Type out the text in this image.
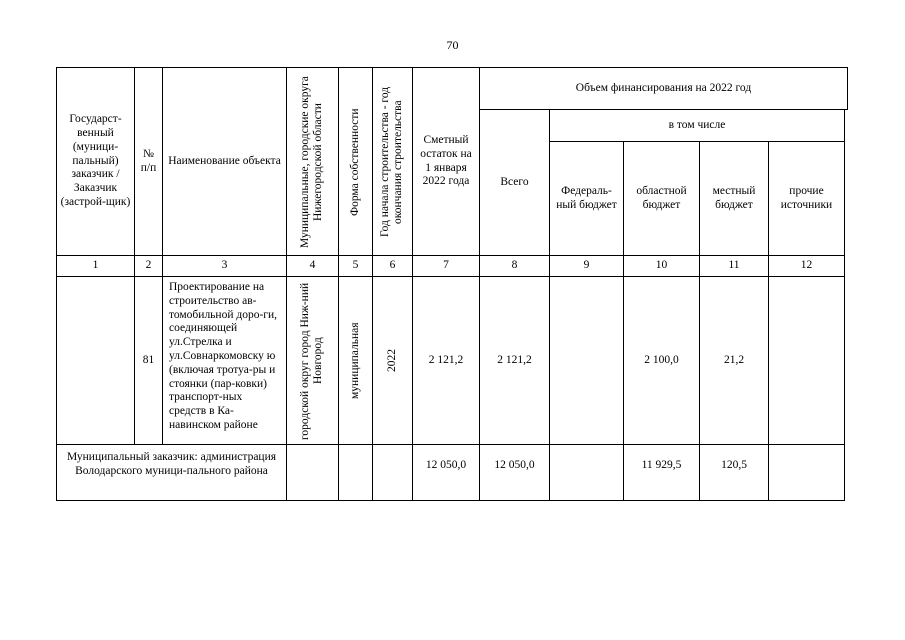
70
Государст-венный (муници-пальный) заказчик / Заказчик (застрой-щик)	№ п/п	Наименование объекта	Муниципальные, городские округа Нижегородской области	Форма собственности	Год начала строительства - год окончания строительства	Сметный остаток на 1 января 2022 года	Объем финансирования на 2022 год				
							Всего	в том числе			
								Федераль-ный бюджет	областной бюджет	местный бюджет	прочие источники
1	2	3	4	5	6	7	8	9	10	11	12
	81	Проектирование на строительство ав-томобильной доро-ги, соединяющей ул.Стрелка и ул.Совнаркомовску ю (включая тротуа-ры и стоянки (пар-ковки) транспорт-ных средств в Ка-навинском районе	городской округ город Ниж-ний Новгород	муниципальная	2022	2 121,2	2 121,2		2 100,0	21,2	
Муниципальный заказчик: администрация Володарского муници-пального района						12 050,0	12 050,0		11 929,5	120,5	
